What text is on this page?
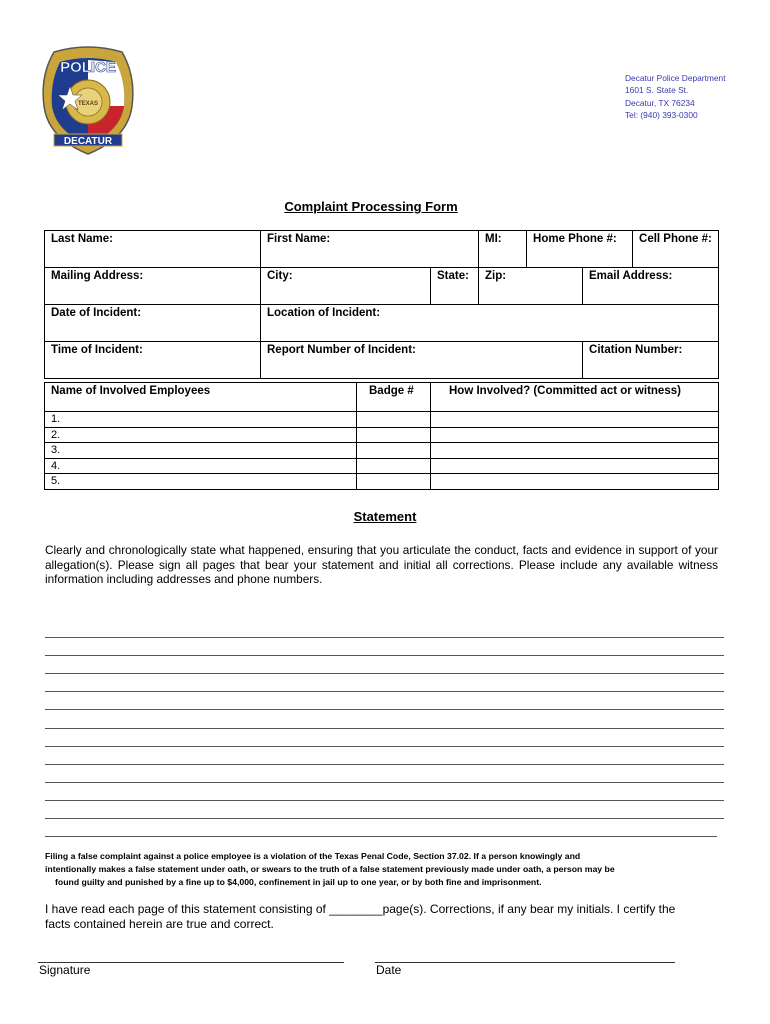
POLICE
TEXAS
DECATUR
Decatur Police Department
1601 S. State St.
Decatur, TX 76234
Tel: (940) 393-0300
Complaint Processing Form
Last Name:	First Name:		MI:	Home Phone #:		Cell Phone #:
Mailing Address:	City:	State:	Zip:		Email Address:	
Date of Incident:	Location of Incident:					
Time of Incident:	Report Number of Incident:				Citation Number:	
Name of Involved Employees	Badge #	How Involved? (Committed act or witness)
1.		
2.		
3.		
4.		
5.		
Statement
Clearly and chronologically state what happened, ensuring that you articulate the conduct, facts and evidence in support of your allegation(s). Please sign all pages that bear your statement and initial all corrections. Please include any available witness information including addresses and phone numbers.
Filing a false complaint against a police employee is a violation of the Texas Penal Code, Section 37.02. If a person knowingly and
intentionally makes a false statement under oath, or swears to the truth of a false statement previously made under oath, a person may be
found guilty and punished by a fine up to $4,000, confinement in jail up to one year, or by both fine and imprisonment.
I have read each page of this statement consisting of ________page(s). Corrections, if any bear my initials. I certify the
facts contained herein are true and correct.
Signature	Date
